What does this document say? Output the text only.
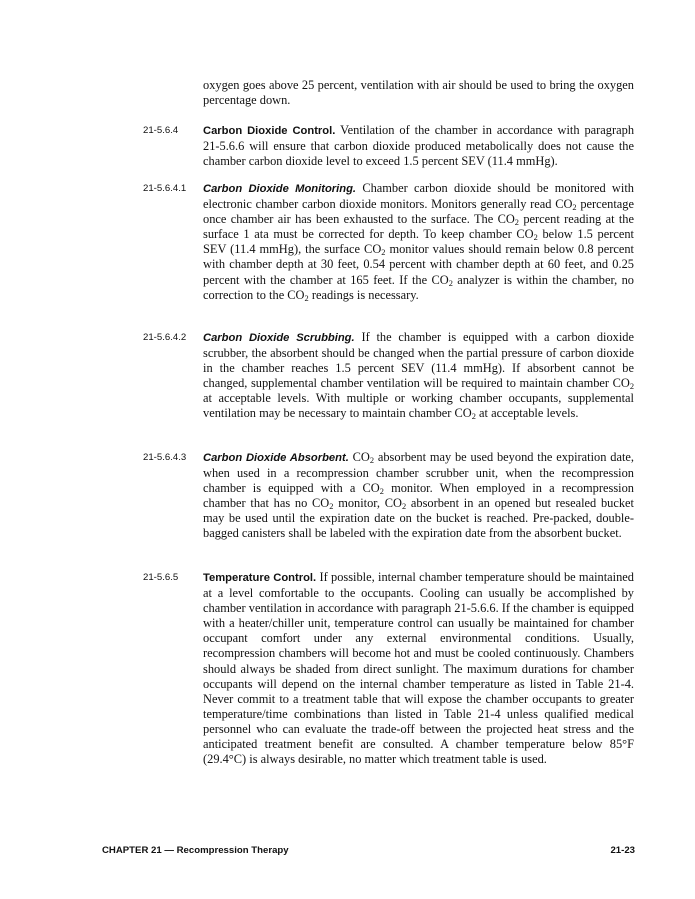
oxygen goes above 25 percent, ventilation with air should be used to bring the oxygen percentage down.

21-5.6.4 Carbon Dioxide Control. Ventilation of the chamber in accordance with paragraph 21-5.6.6 will ensure that carbon dioxide produced metabolically does not cause the chamber carbon dioxide level to exceed 1.5 percent SEV (11.4 mmHg).

21-5.6.4.1 Carbon Dioxide Monitoring. Chamber carbon dioxide should be monitored with electronic chamber carbon dioxide monitors. Monitors generally read $CO_2$ percentage once chamber air has been exhausted to the surface. The $CO_2$ percent reading at the surface 1 ata must be corrected for depth. To keep chamber $CO_2$ below 1.5 percent SEV (11.4 mmHg), the surface $CO_2$ monitor values should remain below 0.8 percent with chamber depth at 30 feet, 0.54 percent with chamber depth at 60 feet, and 0.25 percent with the chamber at 165 feet. If the $CO_2$ analyzer is within the chamber, no correction to the $CO_2$ readings is necessary.

21-5.6.4.2 Carbon Dioxide Scrubbing. If the chamber is equipped with a carbon dioxide scrubber, the absorbent should be changed when the partial pressure of carbon dioxide in the chamber reaches 1.5 percent SEV (11.4 mmHg). If absorbent cannot be changed, supplemental chamber ventilation will be required to maintain chamber $CO_2$ at acceptable levels. With multiple or working chamber occupants, supplemental ventilation may be necessary to maintain chamber $CO_2$ at acceptable levels.

21-5.6.4.3 Carbon Dioxide Absorbent. $CO_2$ absorbent may be used beyond the expiration date, when used in a recompression chamber scrubber unit, when the recompression chamber is equipped with a $CO_2$ monitor. When employed in a recompression chamber that has no $CO_2$ monitor, $CO_2$ absorbent in an opened but resealed bucket may be used until the expiration date on the bucket is reached. Pre-packed, double-bagged canisters shall be labeled with the expiration date from the absorbent bucket.

21-5.6.5 Temperature Control. If possible, internal chamber temperature should be maintained at a level comfortable to the occupants. Cooling can usually be accomplished by chamber ventilation in accordance with paragraph 21-5.6.6. If the chamber is equipped with a heater/chiller unit, temperature control can usually be maintained for chamber occupant comfort under any external environmental conditions. Usually, recompression chambers will become hot and must be cooled continuously. Chambers should always be shaded from direct sunlight. The maximum durations for chamber occupants will depend on the internal chamber temperature as listed in Table 21-4. Never commit to a treatment table that will expose the chamber occupants to greater temperature/time combinations than listed in Table 21-4 unless qualified medical personnel who can evaluate the trade-off between the projected heat stress and the anticipated treatment benefit are consulted. A chamber temperature below 85°F (29.4°C) is always desirable, no matter which treatment table is used.

CHAPTER 21 — Recompression Therapy	21-23
